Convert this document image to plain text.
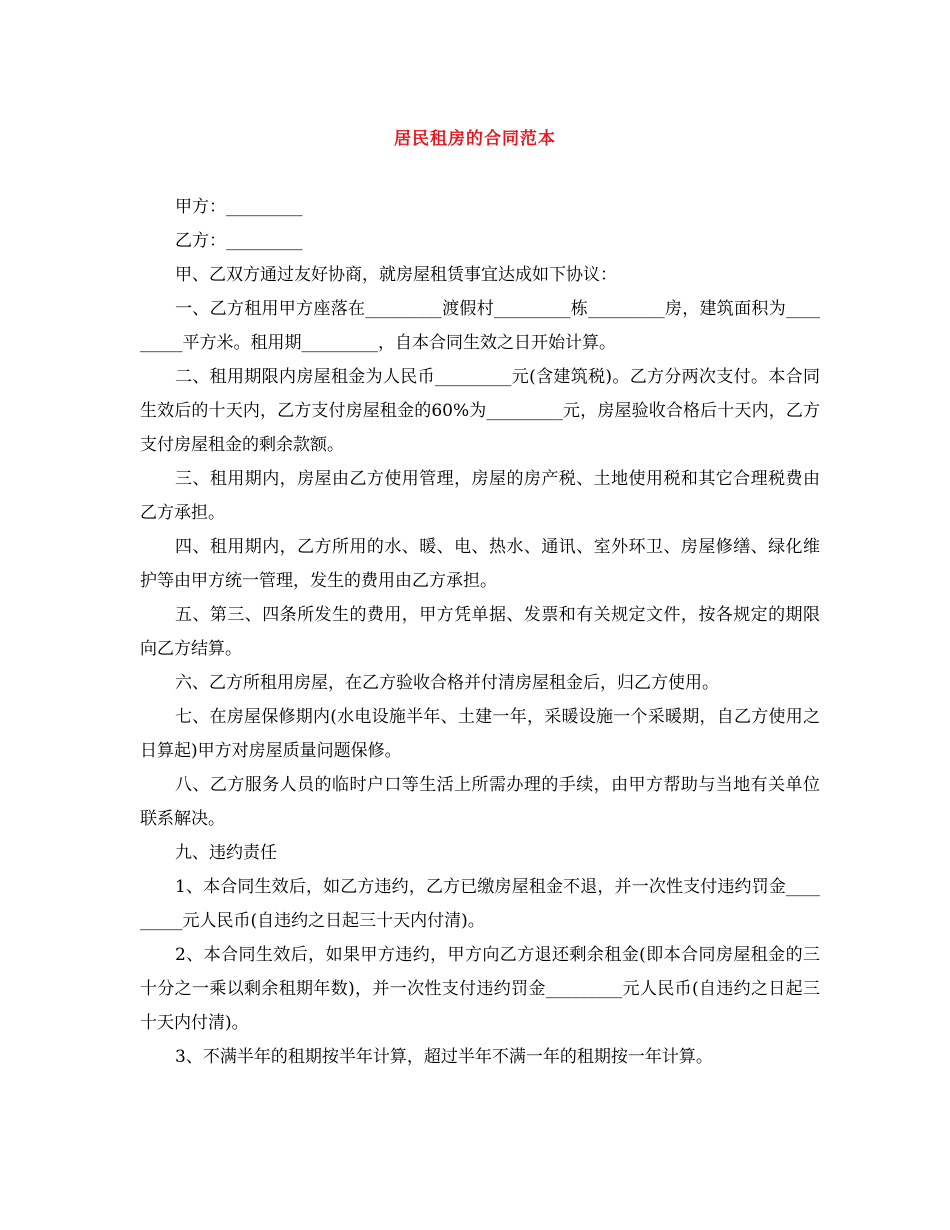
居民租房的合同范本

甲方：_________

乙方：_________

甲、乙双方通过友好协商，就房屋租赁事宜达成如下协议：

一、乙方租用甲方座落在_________渡假村_________栋_________房，建筑面积为_________平方米。租用期_________，自本合同生效之日开始计算。

二、租用期限内房屋租金为人民币_________元(含建筑税)。乙方分两次支付。本合同生效后的十天内，乙方支付房屋租金的60%为_________元，房屋验收合格后十天内，乙方支付房屋租金的剩余款额。

三、租用期内，房屋由乙方使用管理，房屋的房产税、土地使用税和其它合理税费由乙方承担。

四、租用期内，乙方所用的水、暖、电、热水、通讯、室外环卫、房屋修缮、绿化维护等由甲方统一管理，发生的费用由乙方承担。

五、第三、四条所发生的费用，甲方凭单据、发票和有关规定文件，按各规定的期限向乙方结算。

六、乙方所租用房屋，在乙方验收合格并付清房屋租金后，归乙方使用。

七、在房屋保修期内(水电设施半年、土建一年，采暖设施一个采暖期，自乙方使用之日算起)甲方对房屋质量问题保修。

八、乙方服务人员的临时户口等生活上所需办理的手续，由甲方帮助与当地有关单位联系解决。

九、违约责任

1、本合同生效后，如乙方违约，乙方已缴房屋租金不退，并一次性支付违约罚金_________元人民币(自违约之日起三十天内付清)。

2、本合同生效后，如果甲方违约，甲方向乙方退还剩余租金(即本合同房屋租金的三十分之一乘以剩余租期年数)，并一次性支付违约罚金_________元人民币(自违约之日起三十天内付清)。

3、不满半年的租期按半年计算，超过半年不满一年的租期按一年计算。
